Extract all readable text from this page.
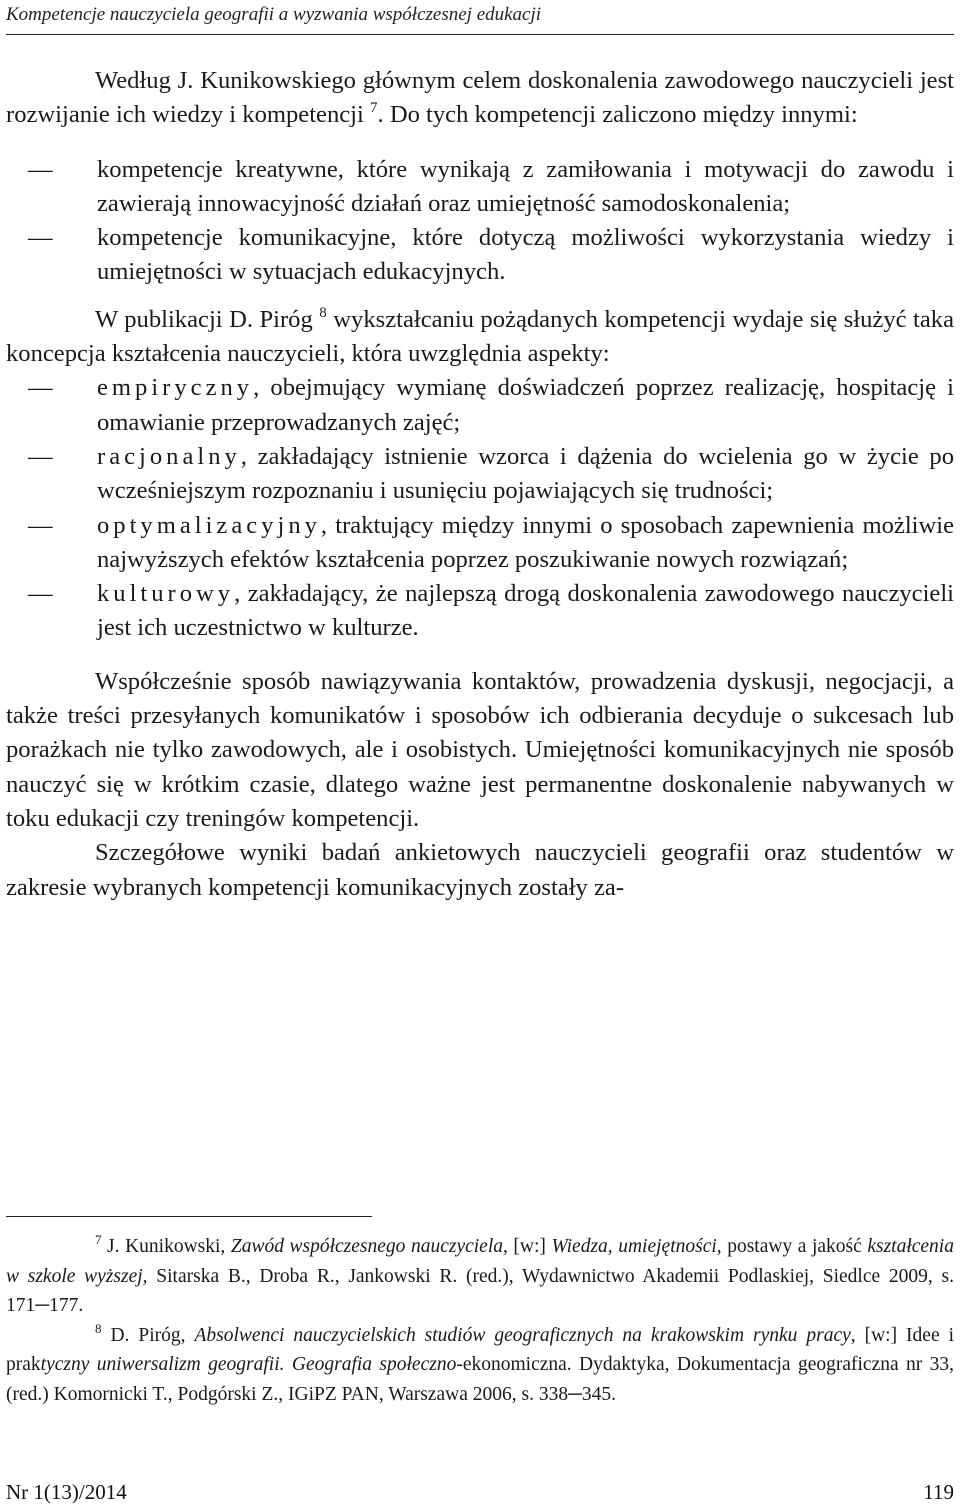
Kompetencje nauczyciela geografii a wyzwania współczesnej edukacji

Według J. Kunikowskiego głównym celem doskonalenia zawodowego nauczycieli jest rozwijanie ich wiedzy i kompetencji $^7$. Do tych kompetencji zaliczono między innymi:

— kompetencje kreatywne, które wynikają z zamiłowania i motywacji do zawodu i zawierają innowacyjność działań oraz umiejętność samodoskonalenia;
— kompetencje komunikacyjne, które dotyczą możliwości wykorzystania wiedzy i umiejętności w sytuacjach edukacyjnych.

W publikacji D. Piróg $^8$ wykształcaniu pożądanych kompetencji wydaje się służyć taka koncepcja kształcenia nauczycieli, która uwzględnia aspekty:

— empiryczny, obejmujący wymianę doświadczeń poprzez realizację, hospitację i omawianie przeprowadzanych zajęć;
— racjonalny, zakładający istnienie wzorca i dążenia do wcielenia go w życie po wcześniejszym rozpoznaniu i usunięciu pojawiających się trudności;
— optymalizacyjny, traktujący między innymi o sposobach zapewnienia możliwie najwyższych efektów kształcenia poprzez poszukiwanie nowych rozwiązań;
— kulturowy, zakładający, że najlepszą drogą doskonalenia zawodowego nauczycieli jest ich uczestnictwo w kulturze.

Współcześnie sposób nawiązywania kontaktów, prowadzenia dyskusji, negocjacji, a także treści przesyłanych komunikatów i sposobów ich odbierania decyduje o sukcesach lub porażkach nie tylko zawodowych, ale i osobistych. Umiejętności komunikacyjnych nie sposób nauczyć się w krótkim czasie, dlatego ważne jest permanentne doskonalenie nabywanych w toku edukacji czy treningów kompetencji.

Szczegółowe wyniki badań ankietowych nauczycieli geografii oraz studentów w zakresie wybranych kompetencji komunikacyjnych zostały za-

$^7$ J. Kunikowski, Zawód współczesnego nauczyciela, [w:] Wiedza, umiejętności, postawy a jakość kształcenia w szkole wyższej, Sitarska B., Droba R., Jankowski R. (red.), Wydawnictwo Akademii Podlaskiej, Siedlce 2009, s. 171─177.

$^8$ D. Piróg, Absolwenci nauczycielskich studiów geograficznych na krakowskim rynku pracy, [w:] Idee i praktyczny uniwersalizm geografii. Geografia społeczno-ekonomiczna. Dydaktyka, Dokumentacja geograficzna nr 33, (red.) Komornicki T., Podgórski Z., IGiPZ PAN, Warszawa 2006, s. 338─345.

Nr 1(13)/2014	119
